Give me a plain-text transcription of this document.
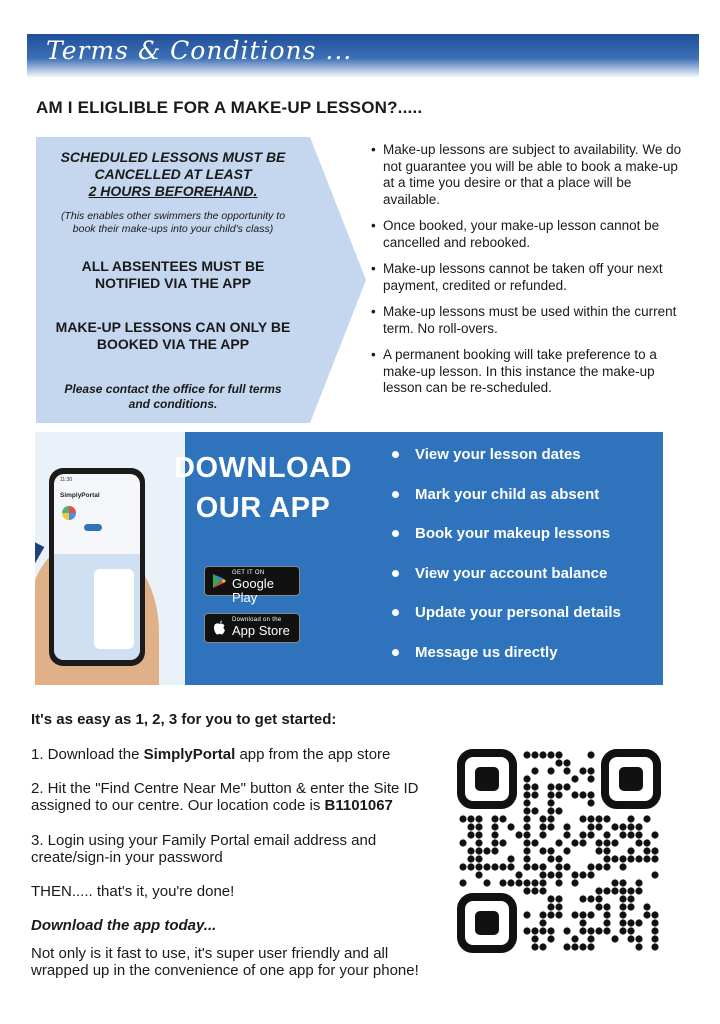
Terms & Conditions ...
AM I ELIGLIBLE FOR A MAKE-UP LESSON?.....
SCHEDULED LESSONS MUST BE
CANCELLED AT LEAST
2 HOURS BEFOREHAND.
(This enables other swimmers the opportunity to
book their make-ups into your child's class)
ALL ABSENTEES MUST BE
NOTIFIED VIA THE APP
MAKE-UP LESSONS CAN ONLY BE
BOOKED VIA THE APP
Please contact the office for full terms
and conditions.
• Make-up lessons are subject to availability. We do not guarantee you will be able to book a make-up at a time you desire or that a place will be available.
• Once booked, your make-up lesson cannot be cancelled and rebooked.
• Make-up lessons cannot be taken off your next payment, credited or refunded.
• Make-up lessons must be used within the current term. No roll-overs.
• A permanent booking will take preference to a make-up lesson. In this instance the make-up lesson can be re-scheduled.
11:30
SimplyPortal
DOWNLOAD
OUR APP
GET IT ON
Google Play
Download on the
App Store
View your lesson dates
Mark your child as absent
Book your makeup lessons
View your account balance
Update your personal details
Message us directly
It's as easy as 1, 2, 3 for you to get started:
1. Download the SimplyPortal app from the app store
2. Hit the "Find Centre Near Me" button & enter the Site ID
assigned to our centre. Our location code is B1101067
3. Login using your Family Portal email address and
create/sign-in your password
THEN..... that's it, you're done!
Download the app today...
Not only is it fast to use, it's super user friendly and all
wrapped up in the convenience of one app for your phone!
